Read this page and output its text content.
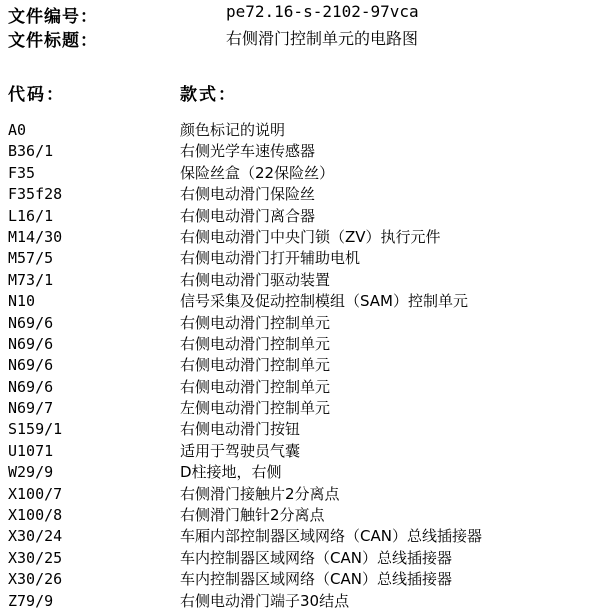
文件编号：	pe72.16-s-2102-97vca
文件标题：	右侧滑门控制单元的电路图
代码：	款式：
A0	颜色标记的说明
B36/1	右侧光学车速传感器
F35	保险丝盒（22保险丝）
F35f28	右侧电动滑门保险丝
L16/1	右侧电动滑门离合器
M14/30	右侧电动滑门中央门锁（ZV）执行元件
M57/5	右侧电动滑门打开辅助电机
M73/1	右侧电动滑门驱动装置
N10	信号采集及促动控制模组（SAM）控制单元
N69/6	右侧电动滑门控制单元
N69/6	右侧电动滑门控制单元
N69/6	右侧电动滑门控制单元
N69/6	右侧电动滑门控制单元
N69/7	左侧电动滑门控制单元
S159/1	右侧电动滑门按钮
U1071	适用于驾驶员气囊
W29/9	D柱接地，右侧
X100/7	右侧滑门接触片2分离点
X100/8	右侧滑门触针2分离点
X30/24	车厢内部控制器区域网络（CAN）总线插接器
X30/25	车内控制器区域网络（CAN）总线插接器
X30/26	车内控制器区域网络（CAN）总线插接器
Z79/9	右侧电动滑门端子30结点
